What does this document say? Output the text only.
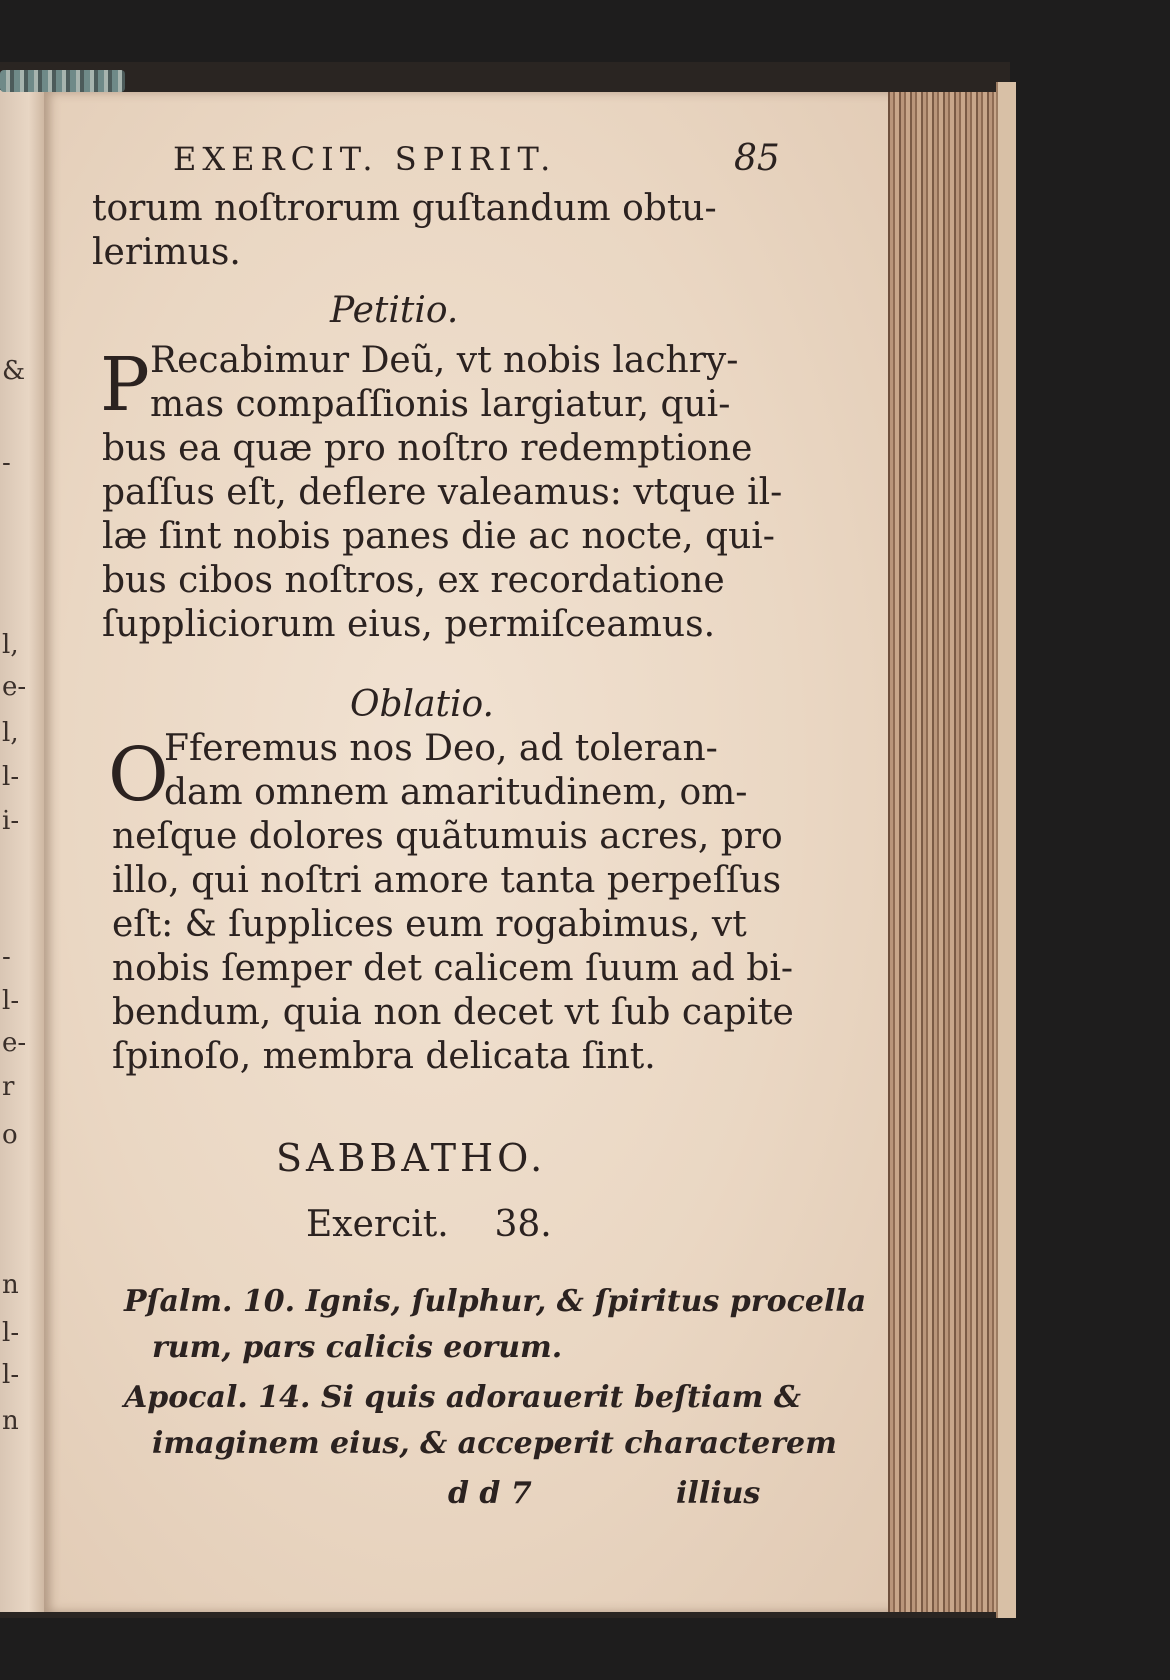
&
-
l,
e-
l,
l-
i-
-
l-
e-
r
o
n
l-
l-
n
EXERCIT. SPIRIT.	85
torum noſtrorum guſtandum obtu-
lerimus.
Petitio.
P Recabimur Deũ, vt nobis lachry-
mas compaſſionis largiatur, qui-
bus ea quæ pro noſtro redemptione
paſſus eſt, deflere valeamus: vtque il-
læ ſint nobis panes die ac nocte, qui-
bus cibos noſtros, ex recordatione
ſuppliciorum eius, permiſceamus.
Oblatio.
O
Fferemus nos Deo, ad toleran-
dam omnem amaritudinem, om-
neſque dolores quãtumuis acres, pro
illo, qui noſtri amore tanta perpeſſus
eſt: & ſupplices eum rogabimus, vt
nobis ſemper det calicem ſuum ad bi-
bendum, quia non decet vt ſub capite
ſpinoſo, membra delicata ſint.
SABBATHO.
Exercit.    38.
Pſalm. 10. Ignis, ſulphur, & ſpiritus procella
rum, pars calicis eorum.
Apocal. 14. Si quis adorauerit beſtiam &
imaginem eius, & acceperit characterem
d d 7	illius
